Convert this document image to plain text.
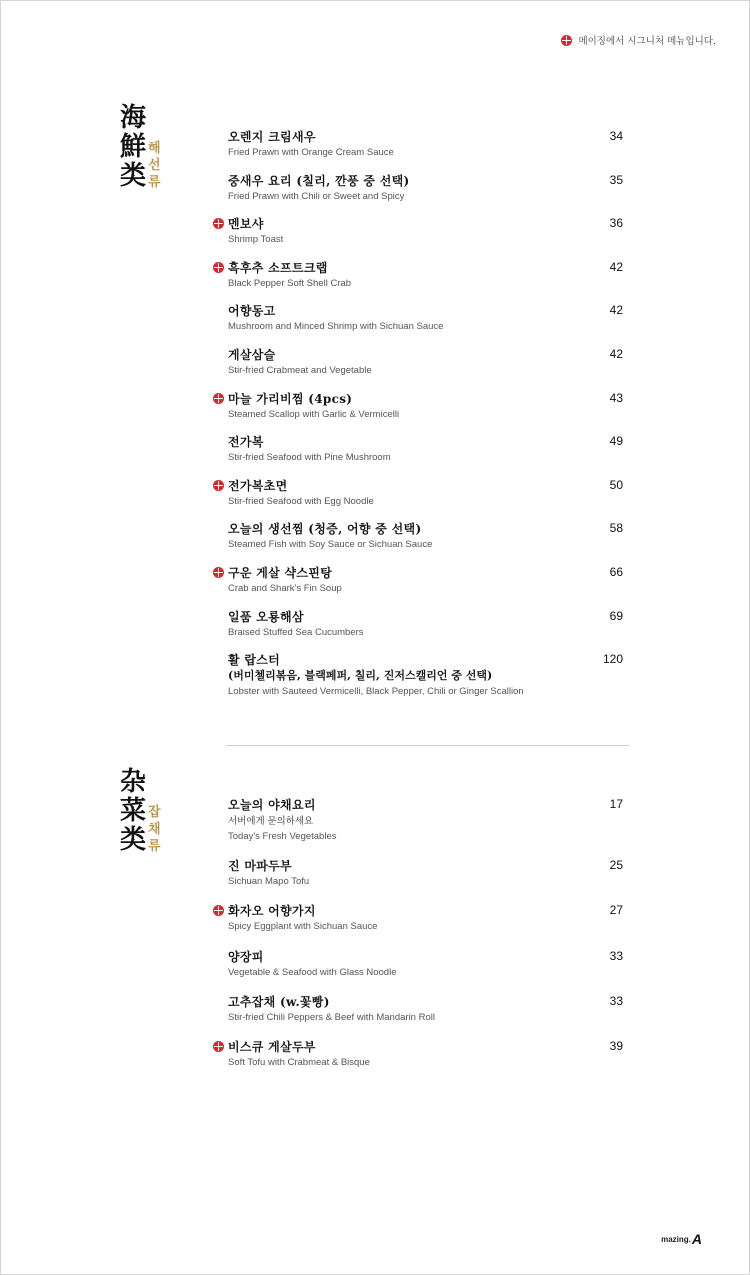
메이징에서 시그니처 메뉴입니다.
海
鮮
类
해
선
류
오렌지 크림새우
Fried Prawn with Orange Cream Sauce
34
중새우 요리 (칠리, 깐풍 중 선택)
Fried Prawn with Chili or Sweet and Spicy
35
멘보샤
Shrimp Toast
36
흑후추 소프트크랩
Black Pepper Soft Shell Crab
42
어향동고
Mushroom and Minced Shrimp with Sichuan Sauce
42
게살삼슬
Stir-fried Crabmeat and Vegetable
42
마늘 가리비찜 (4pcs)
Steamed Scallop with Garlic & Vermicelli
43
전가복
Stir-fried Seafood with Pine Mushroom
49
전가복초면
Stir-fried Seafood with Egg Noodle
50
오늘의 생선찜 (청증, 어향 중 선택)
Steamed Fish with Soy Sauce or Sichuan Sauce
58
구운 게살 샥스핀탕
Crab and Shark's Fin Soup
66
일품 오룡해삼
Braised Stuffed Sea Cucumbers
69
활 랍스터
(버미첼리볶음, 블랙페퍼, 칠리, 진저스캘리언 중 선택)
Lobster with Sauteed Vermicelli, Black Pepper, Chili or Ginger Scallion
120
杂
菜
类
잡
채
류
오늘의 야채요리
서버에게 문의하세요
Today's Fresh Vegetables
17
진 마파두부
Sichuan Mapo Tofu
25
화자오 어향가지
Spicy Eggplant with Sichuan Sauce
27
양장피
Vegetable & Seafood with Glass Noodle
33
고추잡채 (w.꽃빵)
Stir-fried Chili Peppers & Beef with Mandarin Roll
33
비스큐 게살두부
Soft Tofu with Crabmeat & Bisque
39
mazing. A
